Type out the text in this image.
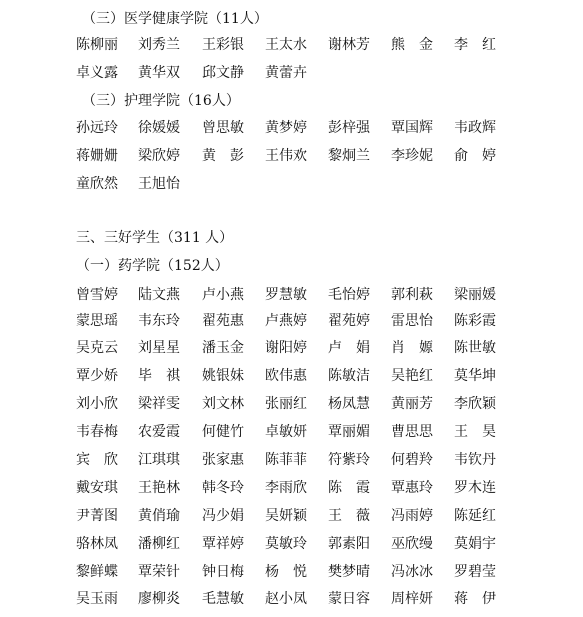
（三）医学健康学院（11人）
陈柳丽 刘秀兰 王彩银 王太水 谢林芳 熊　金 李　红
卓义露 黄华双 邱文静 黄蕾卉
（三）护理学院（16人）
孙远玲 徐媛媛 曾思敏 黄梦婷 彭梓强 覃国辉 韦政辉
蒋姗姗 梁欣婷 黄　彭 王伟欢 黎炯兰 李珍妮 俞　婷
童欣然 王旭怡
三、三好学生（311 人）
（一）药学院（152人）
曾雪婷 陆文燕 卢小燕 罗慧敏 毛怡婷 郭利萩 梁丽媛
蒙思瑶 韦东玲 翟苑惠 卢燕婷 翟苑婷 雷思怡 陈彩霞
吴克云 刘星星 潘玉金 谢阳婷 卢　娟 肖　嫄 陈世敏
覃少娇 毕　祺 姚银妹 欧伟惠 陈敏洁 吴艳红 莫华坤
刘小欣 梁祥雯 刘文林 张丽红 杨凤慧 黄丽芳 李欣颖
韦春梅 农爱霞 何健竹 卓敏妍 覃丽媚 曹思思 王　昊
宾　欣 江琪琪 张家惠 陈菲菲 符紫玲 何碧羚 韦钦丹
戴安琪 王艳林 韩冬玲 李雨欣 陈　霞 覃惠玲 罗木连
尹菁图 黄俏瑜 冯少娟 吴妍颖 王　薇 冯雨婷 陈延红
骆林凤 潘柳红 覃祥婷 莫敏玲 郭素阳 巫欣缦 莫娟宇
黎鲜蝶 覃荣针 钟日梅 杨　悦 樊梦晴 冯冰冰 罗碧莹
吴玉雨 廖柳炎 毛慧敏 赵小凤 蒙日容 周梓妍 蒋　伊
